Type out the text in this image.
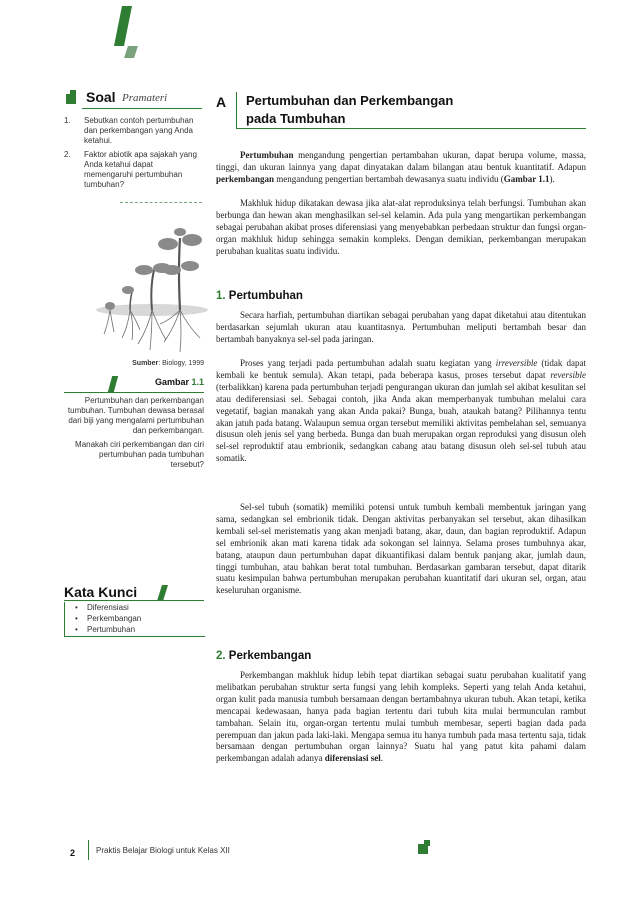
Soal Pramateri
1. Sebutkan contoh pertumbuhan dan perkembangan yang Anda ketahui.
2. Faktor abiotik apa sajakah yang Anda ketahui dapat memengaruhi pertumbuhan tumbuhan?
Sumber: Biology, 1999
Gambar 1.1
Pertumbuhan dan perkembangan tumbuhan. Tumbuhan dewasa berasal dari biji yang mengalami pertumbuhan dan perkembangan.
Manakah ciri perkembangan dan ciri pertumbuhan pada tumbuhan tersebut?
Kata Kunci
• Diferensiasi
• Perkembangan
• Pertumbuhan
A	Pertumbuhan dan Perkembangan
pada Tumbuhan

Pertumbuhan mengandung pengertian pertambahan ukuran, dapat berupa volume, massa, tinggi, dan ukuran lainnya yang dapat dinyatakan dalam bilangan atau bentuk kuantitatif. Adapun perkembangan mengandung pengertian bertambah dewasanya suatu individu (Gambar 1.1).

Makhluk hidup dikatakan dewasa jika alat-alat reproduksinya telah berfungsi. Tumbuhan akan berbunga dan hewan akan menghasilkan sel-sel kelamin. Ada pula yang mengartikan perkembangan sebagai perubahan akibat proses diferensiasi yang menyebabkan perbedaan struktur dan fungsi organ-organ makhluk hidup sehingga semakin kompleks. Dengan demikian, perkembangan merupakan perubahan kualitas suatu individu.

1. Pertumbuhan

Secara harfiah, pertumbuhan diartikan sebagai perubahan yang dapat diketahui atau ditentukan berdasarkan sejumlah ukuran atau kuantitasnya. Pertumbuhan meliputi bertambah besar dan bertambah banyaknya sel-sel pada jaringan.

Proses yang terjadi pada pertumbuhan adalah suatu kegiatan yang irreversible (tidak dapat kembali ke bentuk semula). Akan tetapi, pada beberapa kasus, proses tersebut dapat reversible (terbalikkan) karena pada pertumbuhan terjadi pengurangan ukuran dan jumlah sel akibat kesulitan sel atau dediferensiasi sel. Sebagai contoh, jika Anda akan memperbanyak tumbuhan melalui cara vegetatif, bagian manakah yang akan Anda pakai? Bunga, buah, ataukah batang? Pilihannya tentu akan jatuh pada batang. Walaupun semua organ tersebut memiliki aktivitas pembelahan sel, semuanya disusun oleh jenis sel yang berbeda. Bunga dan buah merupakan organ reproduksi yang disusun oleh sel-sel reproduktif atau embrionik, sedangkan cabang atau batang disusun oleh sel-sel tubuh atau somatik.

Sel-sel tubuh (somatik) memiliki potensi untuk tumbuh kembali membentuk jaringan yang sama, sedangkan sel embrionik tidak. Dengan aktivitas perbanyakan sel tersebut, akan dihasilkan kembali sel-sel meristematis yang akan menjadi batang, akar, daun, dan bagian reproduktif. Adapun sel embrionik akan mati karena tidak ada sokongan sel lainnya. Selama proses tumbuhnya akar, batang, ataupun daun pertumbuhan dapat dikuantifikasi dalam bentuk panjang akar, jumlah daun, tinggi tumbuhan, atau bahkan berat total tumbuhan. Berdasarkan gambaran tersebut, dapat ditarik suatu kesimpulan bahwa pertumbuhan merupakan perubahan kuantitatif dari ukuran sel, organ, atau keseluruhan organisme.

2. Perkembangan

Perkembangan makhluk hidup lebih tepat diartikan sebagai suatu perubahan kualitatif yang melibatkan perubahan struktur serta fungsi yang lebih kompleks. Seperti yang telah Anda ketahui, organ kulit pada manusia tumbuh bersamaan dengan bertambahnya ukuran tubuh. Akan tetapi, ketika mencapai kedewasaan, hanya pada bagian tertentu dari tubuh kita mulai bermunculan rambut tambahan. Selain itu, organ-organ tertentu mulai tumbuh membesar, seperti bagian dada pada perempuan dan jakun pada laki-laki. Mengapa semua itu hanya tumbuh pada masa tertentu saja, tidak bersamaan dengan pertumbuhan organ lainnya? Suatu hal yang patut kita pahami dalam perkembangan adalah adanya diferensiasi sel.

2	Praktis Belajar Biologi untuk Kelas XII
